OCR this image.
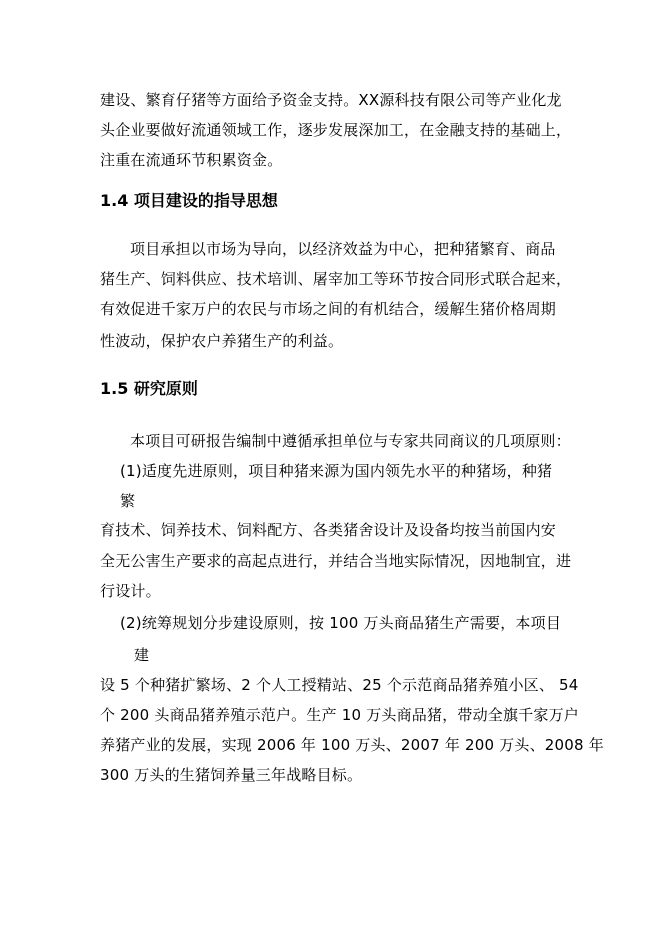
建设、繁育仔猪等方面给予资金支持。XX源科技有限公司等产业化龙
头企业要做好流通领域工作，逐步发展深加工，在金融支持的基础上，
注重在流通环节积累资金。
1.4 项目建设的指导思想
项目承担以市场为导向，以经济效益为中心，把种猪繁育、商品
猪生产、饲料供应、技术培训、屠宰加工等环节按合同形式联合起来，
有效促进千家万户的农民与市场之间的有机结合，缓解生猪价格周期
性波动，保护农户养猪生产的利益。
1.5 研究原则
本项目可研报告编制中遵循承担单位与专家共同商议的几项原则：
(1)适度先进原则，项目种猪来源为国内领先水平的种猪场，种猪
繁
育技术、饲养技术、饲料配方、各类猪舍设计及设备均按当前国内安
全无公害生产要求的高起点进行，并结合当地实际情况，因地制宜，进
行设计。
(2)统筹规划分步建设原则，按 100 万头商品猪生产需要，本项目
建
设 5 个种猪扩繁场、2 个人工授精站、25 个示范商品猪养殖小区、 54
个 200 头商品猪养殖示范户。生产 10 万头商品猪，带动全旗千家万户
养猪产业的发展，实现 2006 年 100 万头、2007 年 200 万头、2008 年
300 万头的生猪饲养量三年战略目标。
